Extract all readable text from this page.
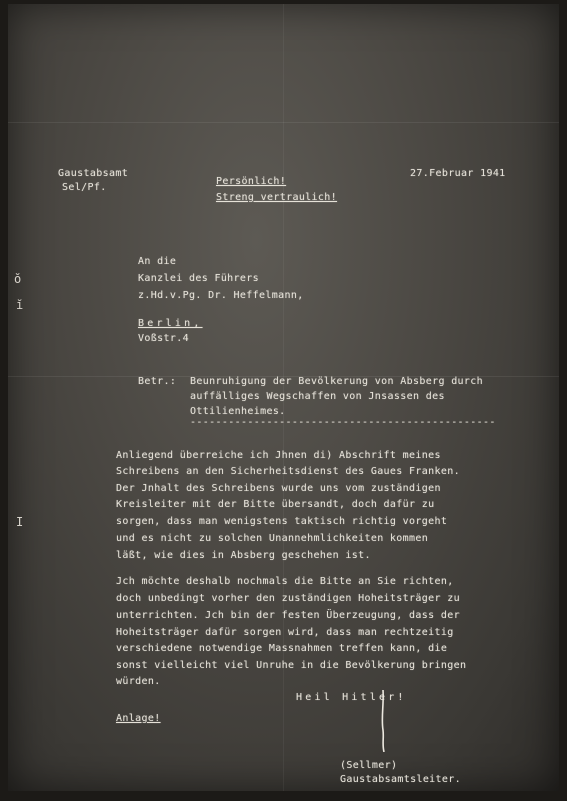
ŏ
ĭ
I
Gaustabsamt
Sel/Pf.
Persönlich!
Streng vertraulich!
27.Februar 1941
An die
Kanzlei des Führers
z.Hd.v.Pg. Dr. Heffelmann,
Berlin,
Voßstr.4
Betr.: Beunruhigung der Bevölkerung von Absberg durch
auffälliges Wegschaffen von Jnsassen des
Ottilienheimes.
------------------------------------------------
Anliegend überreiche ich Jhnen di) Abschrift meines
Schreibens an den Sicherheitsdienst des Gaues Franken.
Der Jnhalt des Schreibens wurde uns vom zuständigen
Kreisleiter mit der Bitte übersandt, doch dafür zu
sorgen, dass man wenigstens taktisch richtig vorgeht
und es nicht zu solchen Unannehmlichkeiten kommen
läßt, wie dies in Absberg geschehen ist.
Jch möchte deshalb nochmals die Bitte an Sie richten,
doch unbedingt vorher den zuständigen Hoheitsträger zu
unterrichten. Jch bin der festen Überzeugung, dass der
Hoheitsträger dafür sorgen wird, dass man rechtzeitig
verschiedene notwendige Massnahmen treffen kann, die
sonst vielleicht viel Unruhe in die Bevölkerung bringen
würden.
Heil Hitler!
Anlage!
(Sellmer)
Gaustabsamtsleiter.
